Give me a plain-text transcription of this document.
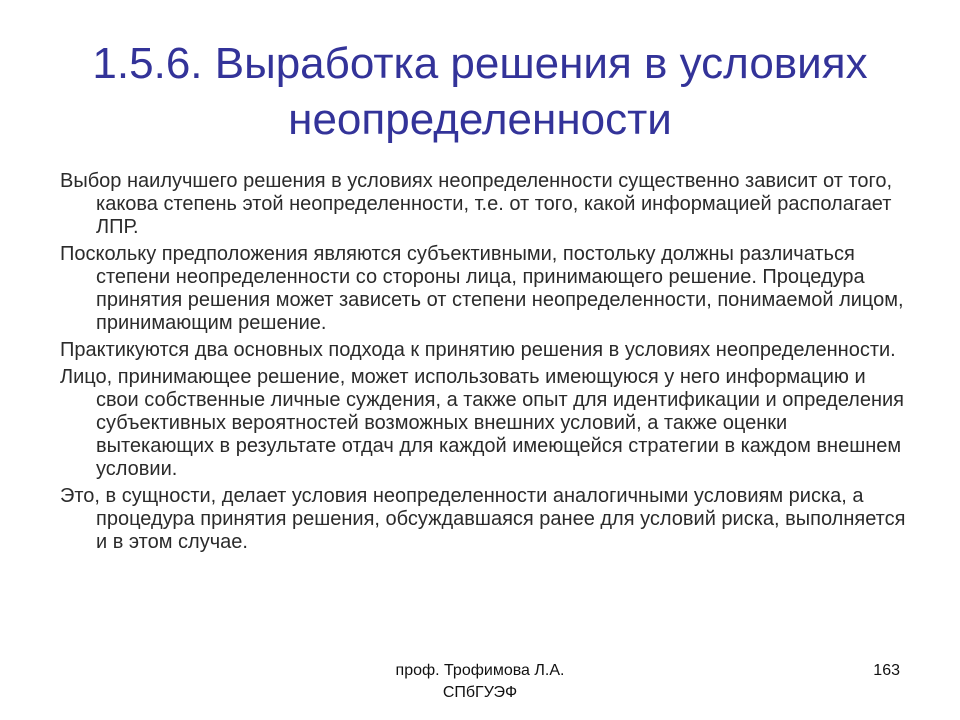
1.5.6. Выработка решения в условиях
неопределенности

Выбор наилучшего решения в условиях неопределенности существенно зависит от того, какова степень этой неопределенности, т.е. от того, какой информацией располагает ЛПР.

Поскольку предположения являются субъективными, постольку должны различаться степени неопределенности со стороны лица, принимающего решение. Процедура принятия решения может зависеть от степени неопределенности, понимаемой лицом, принимающим решение.

Практикуются два основных подхода к принятию решения в условиях неопределенности.

Лицо, принимающее решение, может использовать имеющуюся у него информацию и свои собственные личные суждения, а также опыт для идентификации и определения субъективных вероятностей возможных внешних условий, а также оценки вытекающих в результате отдач для каждой имеющейся стратегии в каждом внешнем условии.

Это, в сущности, делает условия неопределенности аналогичными условиям риска, а процедура принятия решения, обсуждавшаяся ранее для условий риска, выполняется и в этом случае.

проф. Трофимова Л.А.
СПбГУЭФ
163
